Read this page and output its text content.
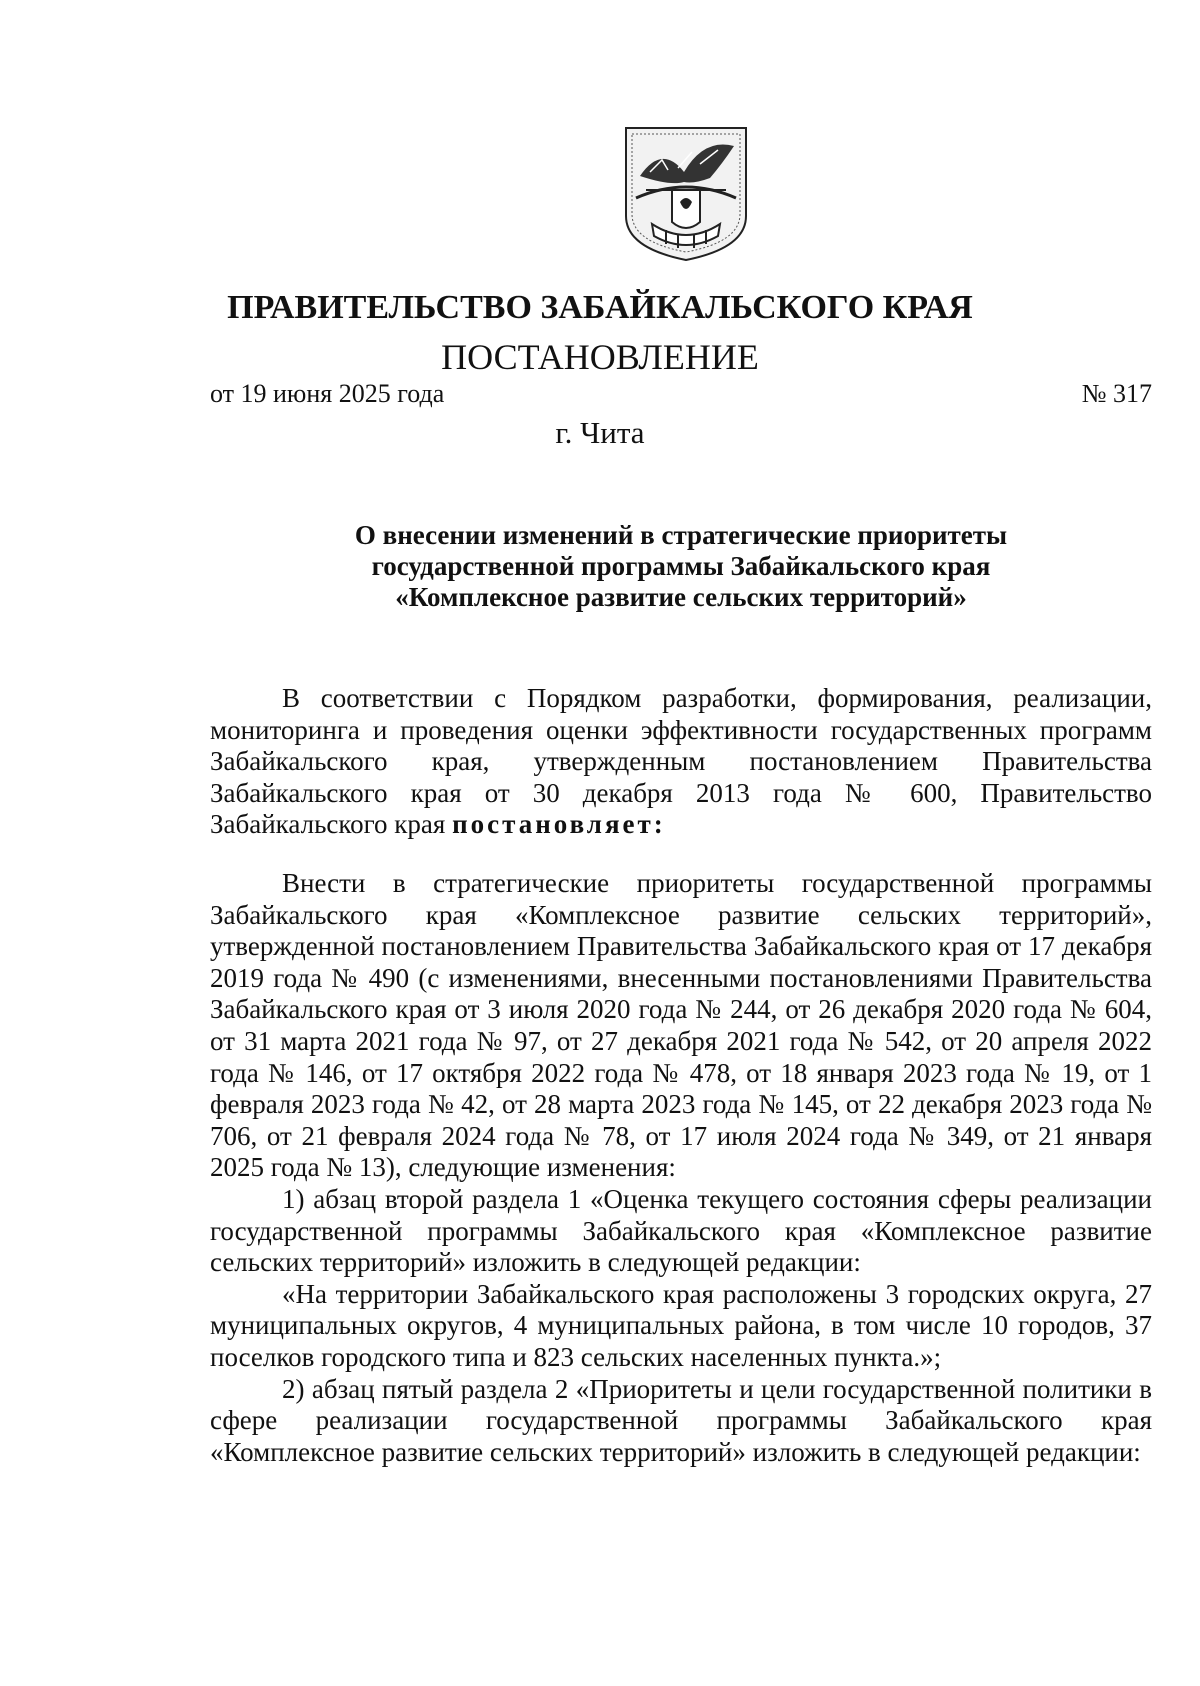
ПРАВИТЕЛЬСТВО ЗАБАЙКАЛЬСКОГО КРАЯ
ПОСТАНОВЛЕНИЕ
от 19 июня 2025 года	№ 317
г. Чита
О внесении изменений в стратегические приоритеты
государственной программы Забайкальского края
«Комплексное развитие сельских территорий»

В соответствии с Порядком разработки, формирования, реализации, мониторинга и проведения оценки эффективности государственных программ Забайкальского края, утвержденным постановлением Правительства Забайкальского края от 30 декабря 2013 года № 600, Правительство Забайкальского края постановляет:

Внести в стратегические приоритеты государственной программы Забайкальского края «Комплексное развитие сельских территорий», утвержденной постановлением Правительства Забайкальского края от 17 декабря 2019 года № 490 (с изменениями, внесенными постановлениями Правительства Забайкальского края от 3 июля 2020 года № 244, от 26 декабря 2020 года № 604, от 31 марта 2021 года № 97, от 27 декабря 2021 года № 542, от 20 апреля 2022 года № 146, от 17 октября 2022 года № 478, от 18 января 2023 года № 19, от 1 февраля 2023 года № 42, от 28 марта 2023 года № 145, от 22 декабря 2023 года № 706, от 21 февраля 2024 года № 78, от 17 июля 2024 года № 349, от 21 января 2025 года № 13), следующие изменения:

1) абзац второй раздела 1 «Оценка текущего состояния сферы реализации государственной программы Забайкальского края «Комплексное развитие сельских территорий» изложить в следующей редакции:

«На территории Забайкальского края расположены 3 городских округа, 27 муниципальных округов, 4 муниципальных района, в том числе 10 городов, 37 поселков городского типа и 823 сельских населенных пункта.»;

2) абзац пятый раздела 2 «Приоритеты и цели государственной политики в сфере реализации государственной программы Забайкальского края «Комплексное развитие сельских территорий» изложить в следующей редакции:
